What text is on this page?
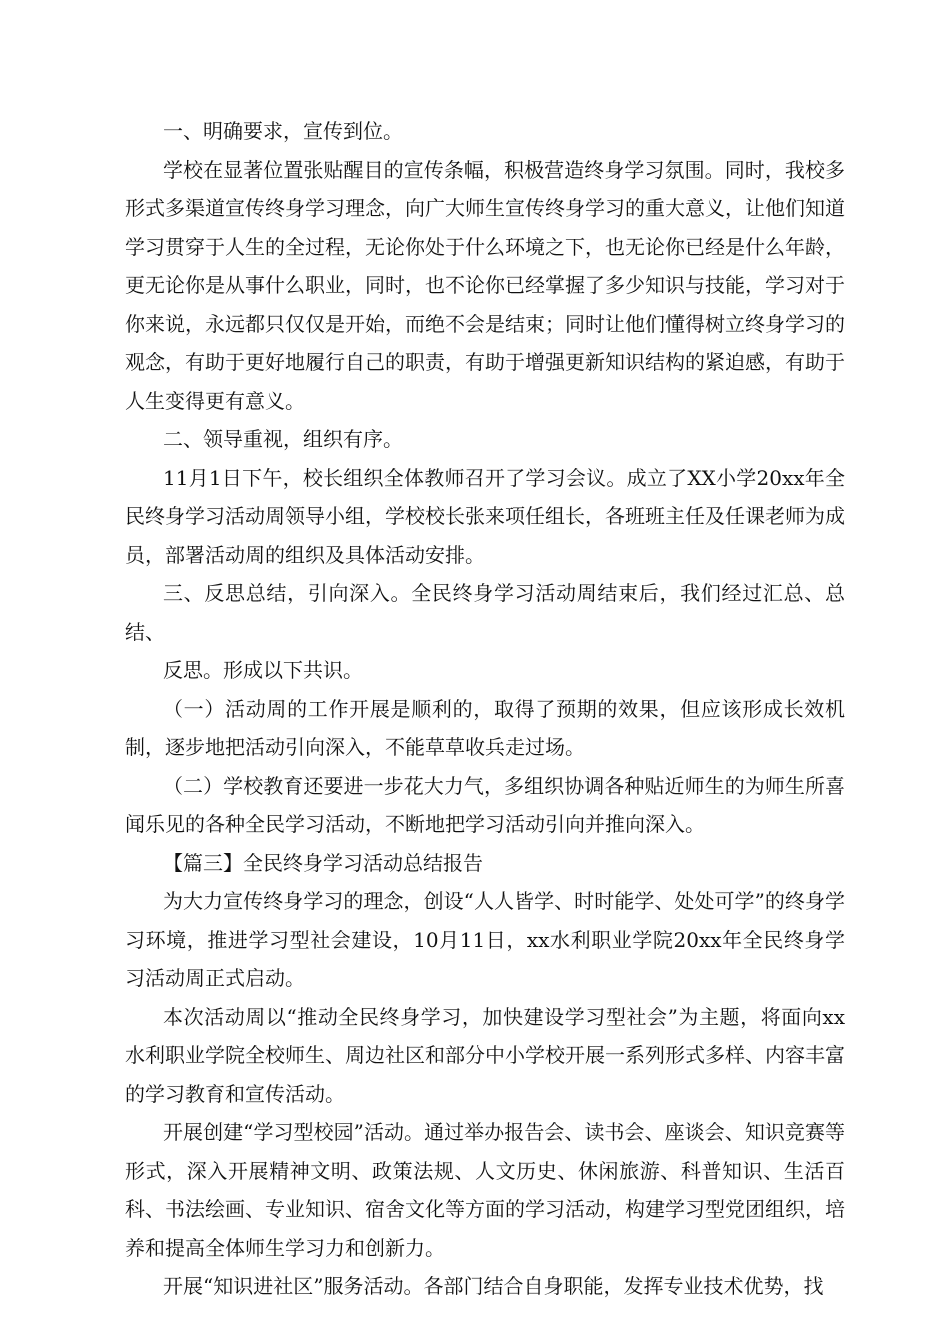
一、明确要求，宣传到位。

学校在显著位置张贴醒目的宣传条幅，积极营造终身学习氛围。同时，我校多形式多渠道宣传终身学习理念，向广大师生宣传终身学习的重大意义，让他们知道学习贯穿于人生的全过程，无论你处于什么环境之下，也无论你已经是什么年龄，更无论你是从事什么职业，同时，也不论你已经掌握了多少知识与技能，学习对于你来说，永远都只仅仅是开始，而绝不会是结束；同时让他们懂得树立终身学习的观念，有助于更好地履行自己的职责，有助于增强更新知识结构的紧迫感，有助于人生变得更有意义。

二、领导重视，组织有序。

11月1日下午，校长组织全体教师召开了学习会议。成立了XX小学20xx年全民终身学习活动周领导小组，学校校长张来项任组长，各班班主任及任课老师为成员，部署活动周的组织及具体活动安排。

三、反思总结，引向深入。全民终身学习活动周结束后，我们经过汇总、总结、

反思。形成以下共识。

（一）活动周的工作开展是顺利的，取得了预期的效果，但应该形成长效机制，逐步地把活动引向深入，不能草草收兵走过场。

（二）学校教育还要进一步花大力气，多组织协调各种贴近师生的为师生所喜闻乐见的各种全民学习活动，不断地把学习活动引向并推向深入。

【篇三】全民终身学习活动总结报告

为大力宣传终身学习的理念，创设“人人皆学、时时能学、处处可学”的终身学习环境，推进学习型社会建设，10月11日，xx水利职业学院20xx年全民终身学习活动周正式启动。

本次活动周以“推动全民终身学习，加快建设学习型社会”为主题，将面向xx水利职业学院全校师生、周边社区和部分中小学校开展一系列形式多样、内容丰富的学习教育和宣传活动。

开展创建“学习型校园”活动。通过举办报告会、读书会、座谈会、知识竞赛等形式，深入开展精神文明、政策法规、人文历史、休闲旅游、科普知识、生活百科、书法绘画、专业知识、宿舍文化等方面的学习活动，构建学习型党团组织，培养和提高全体师生学习力和创新力。

开展“知识进社区”服务活动。各部门结合自身职能，发挥专业技术优势，找
